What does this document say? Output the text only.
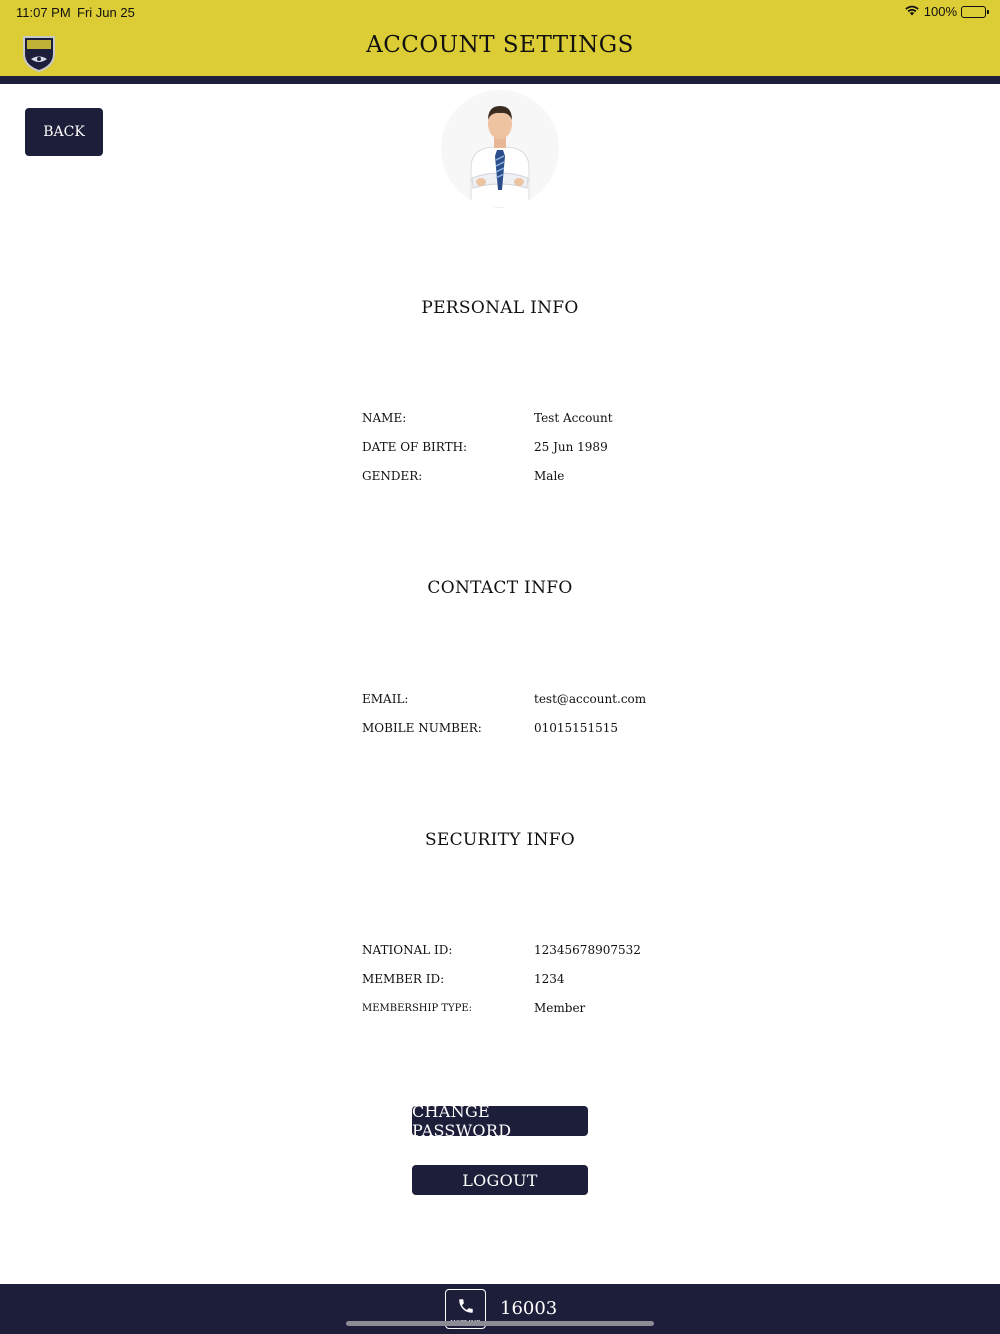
11:07 PM Fri Jun 25	100%
ACCOUNT SETTINGS
BACK
PERSONAL INFO
NAME:	Test Account
DATE OF BIRTH:	25 Jun 1989
GENDER:	Male
CONTACT INFO
EMAIL:	test@account.com
MOBILE NUMBER:	01015151515
SECURITY INFO
NATIONAL ID:	12345678907532
MEMBER ID:	1234
MEMBERSHIP TYPE:	Member
CHANGE PASSWORD
LOGOUT
16003
